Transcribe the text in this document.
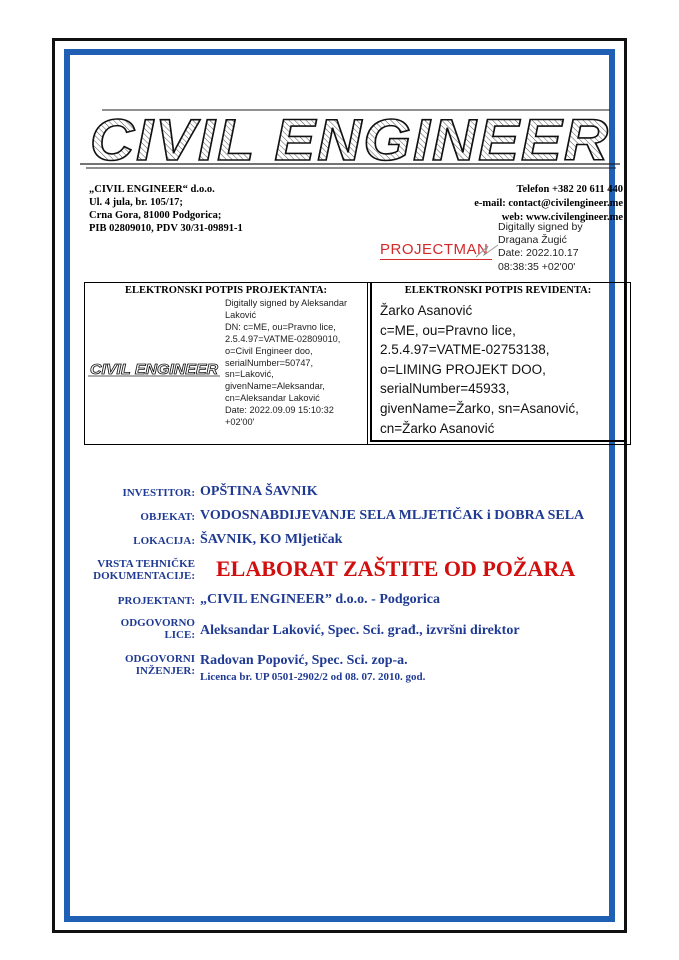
CIVIL ENGINEER
„CIVIL ENGINEER“ d.o.o.
Ul. 4 jula, br. 105/17;
Crna Gora, 81000 Podgorica;
PIB 02809010, PDV 30/31-09891-1
Telefon +382 20 611 440
e-mail: contact@civilengineer.me
web: www.civilengineer.me
PROJECTMAN
Digitally signed by
Dragana Žugić
Date: 2022.10.17
08:38:35 +02'00'
ELEKTRONSKI POTPIS PROJEKTANTA:
CIVIL ENGINEER
Digitally signed by Aleksandar
Laković
DN: c=ME, ou=Pravno lice,
2.5.4.97=VATME-02809010,
o=Civil Engineer doo,
serialNumber=50747,
sn=Laković,
givenName=Aleksandar,
cn=Aleksandar Laković
Date: 2022.09.09 15:10:32
+02'00'
ELEKTRONSKI POTPIS REVIDENTA:
Žarko Asanović
c=ME, ou=Pravno lice,
2.5.4.97=VATME-02753138,
o=LIMING PROJEKT DOO,
serialNumber=45933,
givenName=Žarko, sn=Asanović,
cn=Žarko Asanović
INVESTITOR: OPŠTINA ŠAVNIK
OBJEKAT: VODOSNABDIJEVANJE SELA MLJETIČAK i DOBRA SELA
LOKACIJA: ŠAVNIK, KO Mljetičak
VRSTA TEHNIČKE
DOKUMENTACIJE: ELABORAT ZAŠTITE OD POŽARA
PROJEKTANT: „CIVIL ENGINEER” d.o.o. - Podgorica
ODGOVORNO
LICE: Aleksandar Laković, Spec. Sci. građ., izvršni direktor
ODGOVORNI
INŽENJER:
Radovan Popović, Spec. Sci. zop-a.
Licenca br. UP 0501-2902/2 od 08. 07. 2010. god.
